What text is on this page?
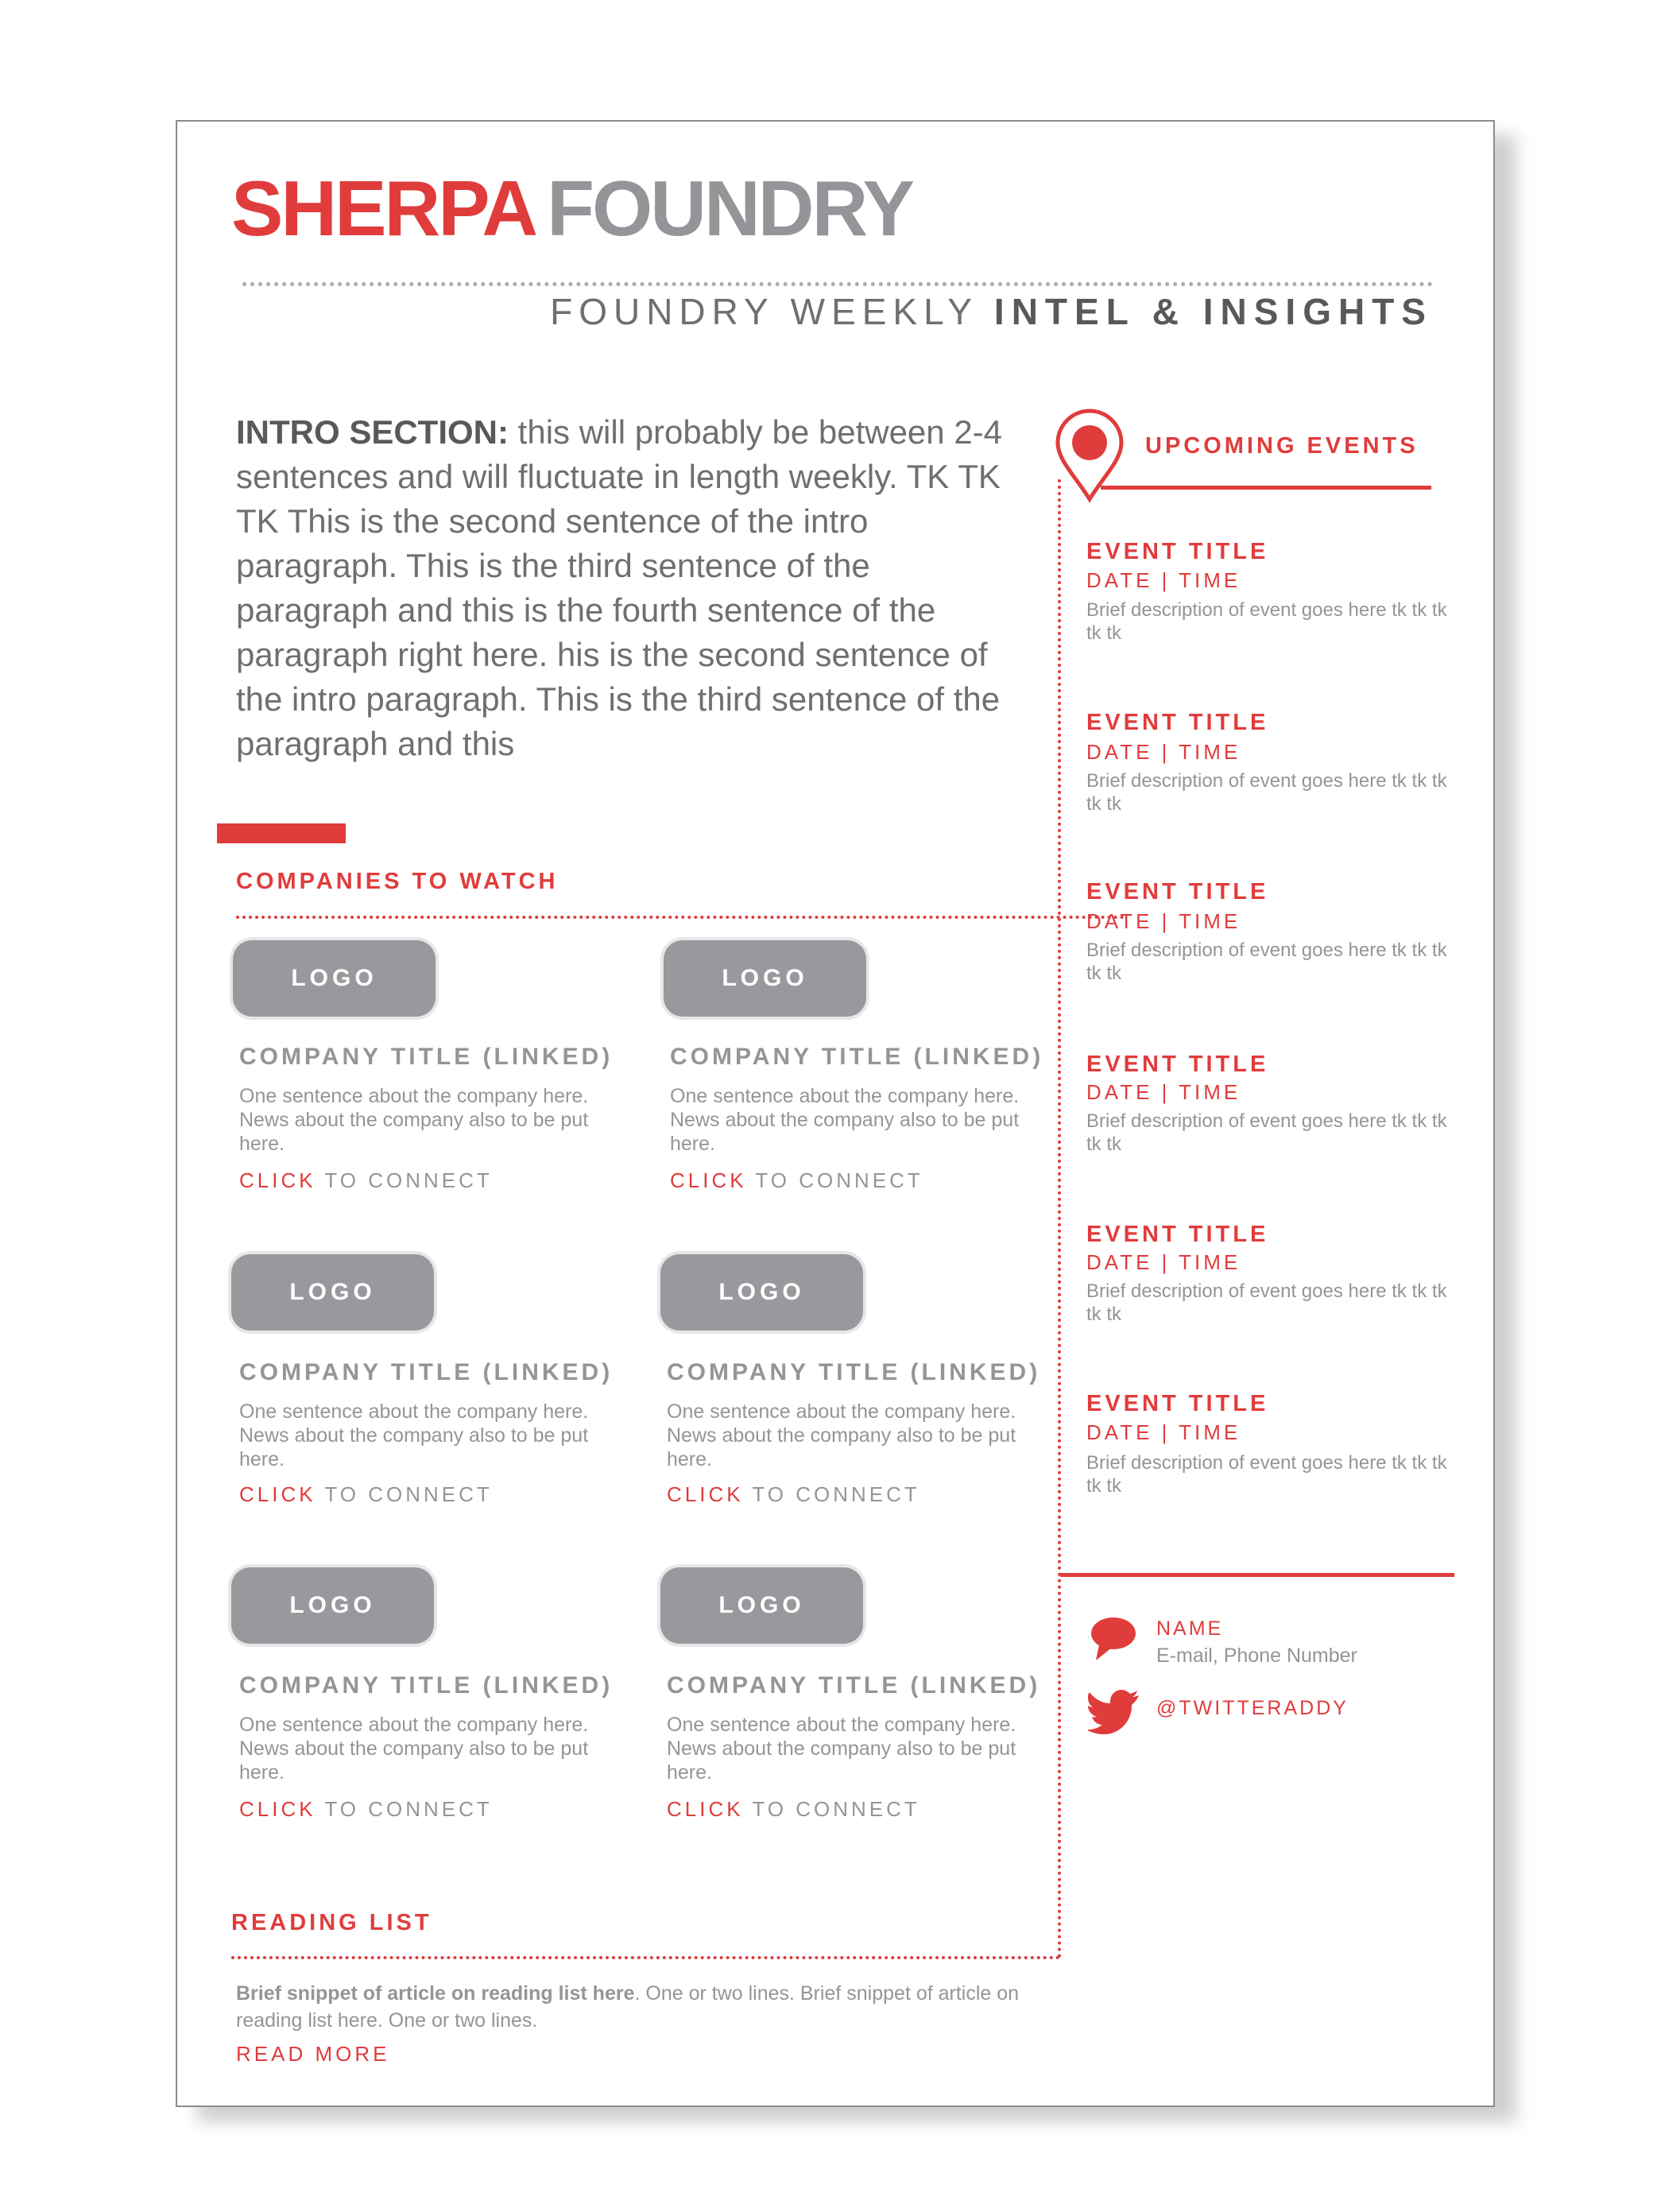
SHERPA FOUNDRY
FOUNDRY WEEKLY INTEL & INSIGHTS
INTRO SECTION: this will probably be between 2-4 sentences and will fluctuate in length weekly. TK TK TK This is the second sentence of the intro paragraph. This is the third sentence of the paragraph and this is the fourth sentence of the paragraph right here. his is the second sentence of the intro paragraph. This is the third sentence of the paragraph and this
COMPANIES TO WATCH
LOGO
COMPANY TITLE (LINKED)
One sentence about the company here. News about the company also to be put here.
CLICK TO CONNECT
LOGO
COMPANY TITLE (LINKED)
One sentence about the company here. News about the company also to be put here.
CLICK TO CONNECT
LOGO
COMPANY TITLE (LINKED)
One sentence about the company here. News about the company also to be put here.
CLICK TO CONNECT
LOGO
COMPANY TITLE (LINKED)
One sentence about the company here. News about the company also to be put here.
CLICK TO CONNECT
LOGO
COMPANY TITLE (LINKED)
One sentence about the company here. News about the company also to be put here.
CLICK TO CONNECT
LOGO
COMPANY TITLE (LINKED)
One sentence about the company here. News about the company also to be put here.
CLICK TO CONNECT
READING LIST
Brief snippet of article on reading list here. One or two lines. Brief snippet of article on reading list here. One or two lines.
READ MORE
UPCOMING EVENTS
EVENT TITLE
DATE | TIME
Brief description of event goes here tk tk tk tk tk
EVENT TITLE
DATE | TIME
Brief description of event goes here tk tk tk tk tk
EVENT TITLE
DATE | TIME
Brief description of event goes here tk tk tk tk tk
EVENT TITLE
DATE | TIME
Brief description of event goes here tk tk tk tk tk
EVENT TITLE
DATE | TIME
Brief description of event goes here tk tk tk tk tk
EVENT TITLE
DATE | TIME
Brief description of event goes here tk tk tk tk tk
NAME
E-mail, Phone Number
@TWITTERADDY
